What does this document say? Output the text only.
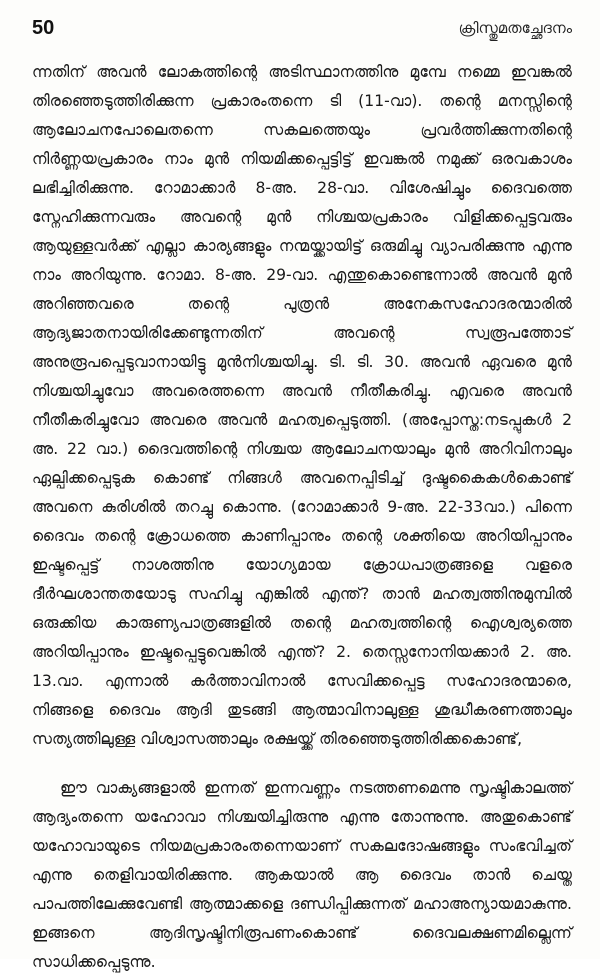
50	ക്രിസ്തുമതച്ഛേദനം

ന്നതിന് അവൻ ലോകത്തിന്റെ അടിസ്ഥാനത്തിനു മുമ്പേ നമ്മെ ഇവങ്കൽ തിരഞ്ഞെടുത്തിരിക്കുന്ന പ്രകാരംതന്നെ ടി (11-വാ). തന്റെ മനസ്സിന്റെ ആലോചനപോലെതന്നെ സകലത്തെയും പ്രവർത്തിക്കുന്നതിന്റെ നിർണ്ണയപ്രകാരം നാം മുൻ നിയമിക്കപ്പെട്ടിട്ട് ഇവങ്കൽ നമുക്ക് ഒരവകാശം ലഭിച്ചിരിക്കുന്നു. റോമാക്കാർ 8-അ. 28-വാ. വിശേഷിച്ചും ദൈവത്തെ സ്നേഹിക്കുന്നവരും അവന്റെ മുൻ നിശ്ചയപ്രകാരം വിളിക്കപ്പെട്ടവരും ആയുള്ളവർക്ക് എല്ലാ കാര്യങ്ങളും നന്മയ്ക്കായിട്ട് ഒരുമിച്ചു വ്യാപരിക്കുന്നു എന്നു നാം അറിയുന്നു. റോമാ. 8-അ. 29-വാ. എന്തുകൊണ്ടെന്നാൽ അവൻ മുൻ അറിഞ്ഞവരെ തന്റെ പുത്രൻ അനേകസഹോദരന്മാരിൽ ആദ്യജാതനായിരിക്കേണ്ടുന്നതിന് അവന്റെ സ്വരൂപത്തോട് അനുരൂപപ്പെടുവാനായിട്ടു മുൻനിശ്ചയിച്ചു. ടി. ടി. 30. അവൻ ഏവരെ മുൻ നിശ്ചയിച്ചുവോ അവരെത്തന്നെ അവൻ നീതീകരിച്ചു. എവരെ അവൻ നീതീകരിച്ചുവോ അവരെ അവൻ മഹത്വപ്പെടുത്തി. (അപ്പോസ്ത:നടപ്പുകൾ 2 അ. 22 വാ.) ദൈവത്തിന്റെ നിശ്ചയ ആലോചനയാലും മുൻ അറിവിനാലും ഏല്പിക്കപ്പെടുക കൊണ്ട് നിങ്ങൾ അവനെപ്പിടിച്ച് ദുഷ്ടകൈകൾകൊണ്ട് അവനെ കുരിശിൽ തറച്ചു കൊന്നു. (റോമാക്കാർ 9-അ. 22-33വാ.) പിന്നെ ദൈവം തന്റെ ക്രോധത്തെ കാണിപ്പാനും തന്റെ ശക്തിയെ അറിയിപ്പാനും ഇഷ്ടപ്പെട്ട് നാശത്തിനു യോഗ്യമായ ക്രോധപാത്രങ്ങളെ വളരെ ദീർഘശാന്തതയോടു സഹിച്ചു എങ്കിൽ എന്ത്? താൻ മഹത്വത്തിനുമുമ്പിൽ ഒരുക്കിയ കാരുണ്യപാത്രങ്ങളിൽ തന്റെ മഹത്വത്തിന്റെ ഐശ്വര്യത്തെ അറിയിപ്പാനും ഇഷ്ടപ്പെട്ടുവെങ്കിൽ എന്ത്? 2. തെസ്സനോനിയക്കാർ 2. അ. 13.വാ. എന്നാൽ കർത്താവിനാൽ സേവിക്കപ്പെട്ട സഹോദരന്മാരെ, നിങ്ങളെ ദൈവം ആദി തുടങ്ങി ആത്മാവിനാലുള്ള ശുദ്ധീകരണത്താലും സത്യത്തിലുള്ള വിശ്വാസത്താലും രക്ഷയ്ക്ക് തിരഞ്ഞെടുത്തിരിക്കകൊണ്ട്,

ഈ വാക്യങ്ങളാൽ ഇന്നത് ഇന്നവണ്ണം നടത്തണമെന്നു സൃഷ്ടികാലത്ത് ആദ്യംതന്നെ യഹോവാ നിശ്ചയിച്ചിരുന്നു എന്നു തോന്നുന്നു. അതുകൊണ്ട് യഹോവായുടെ നിയമപ്രകാരംതന്നെയാണ് സകലദോഷങ്ങളും സംഭവിച്ചത് എന്നു തെളിവായിരിക്കുന്നു. ആകയാൽ ആ ദൈവം താൻ ചെയ്ത പാപത്തിലേക്കുവേണ്ടി ആത്മാക്കളെ ദണ്ഡിപ്പിക്കുന്നത് മഹാഅന്യായമാകുന്നു. ഇങ്ങനെ ആദിസൃഷ്ടിനിരൂപണംകൊണ്ട് ദൈവലക്ഷണമില്ലെന്ന് സാധിക്കപ്പെടുന്നു.
